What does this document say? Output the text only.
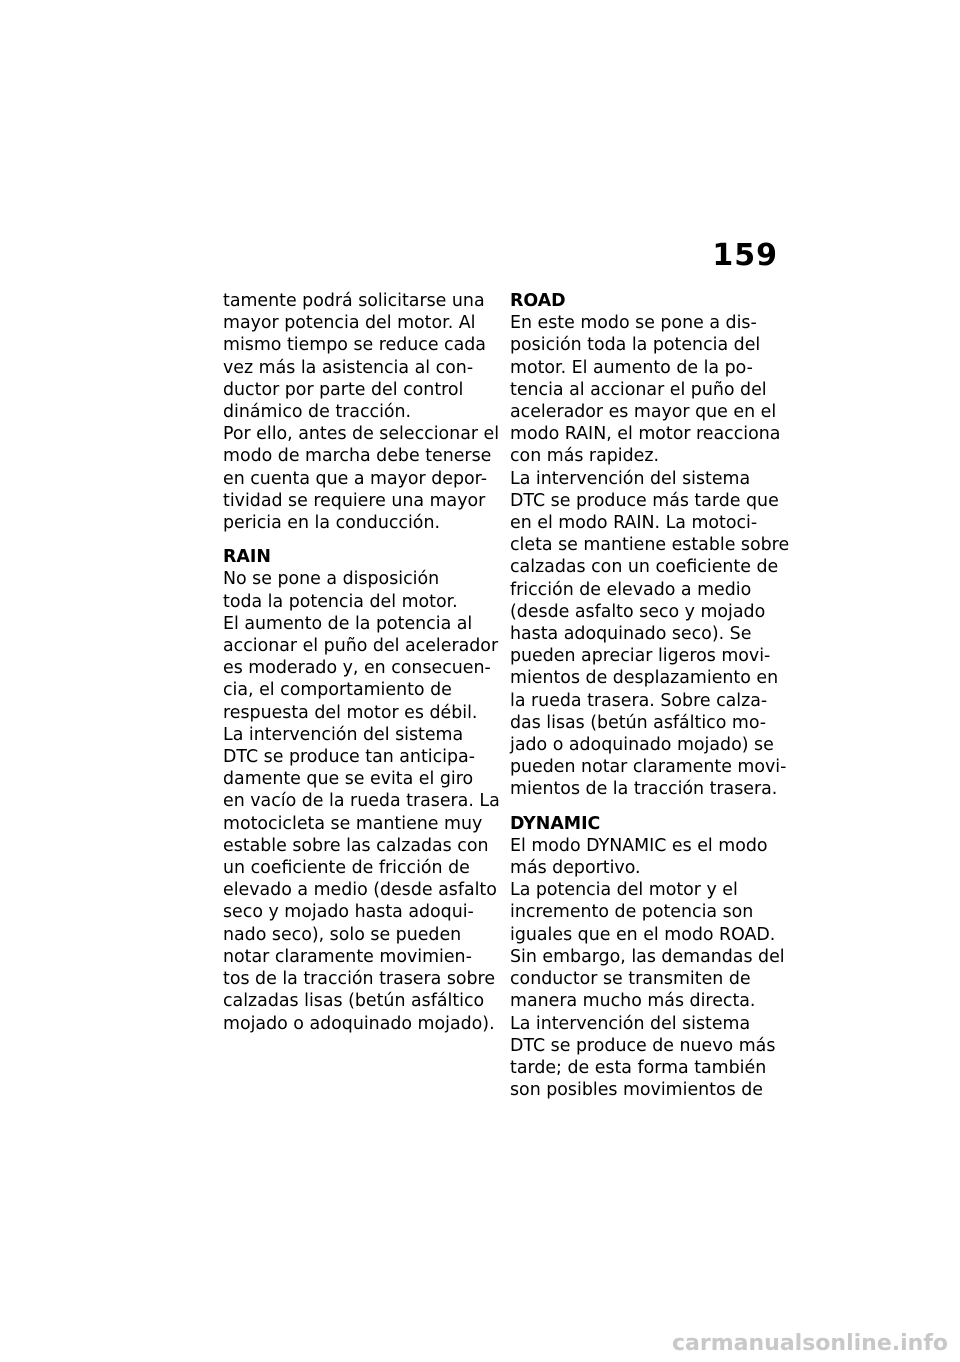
159
tamente podrá solicitarse una
mayor potencia del motor. Al
mismo tiempo se reduce cada
vez más la asistencia al con-
ductor por parte del control
dinámico de tracción.
Por ello, antes de seleccionar el
modo de marcha debe tenerse
en cuenta que a mayor depor-
tividad se requiere una mayor
pericia en la conducción.
RAIN
No se pone a disposición
toda la potencia del motor.
El aumento de la potencia al
accionar el puño del acelerador
es moderado y, en consecuen-
cia, el comportamiento de
respuesta del motor es débil.
La intervención del sistema
DTC se produce tan anticipa-
damente que se evita el giro
en vacío de la rueda trasera. La
motocicleta se mantiene muy
estable sobre las calzadas con
un coeficiente de fricción de
elevado a medio (desde asfalto
seco y mojado hasta adoqui-
nado seco), solo se pueden
notar claramente movimien-
tos de la tracción trasera sobre
calzadas lisas (betún asfáltico
mojado o adoquinado mojado).
ROAD
En este modo se pone a dis-
posición toda la potencia del
motor. El aumento de la po-
tencia al accionar el puño del
acelerador es mayor que en el
modo RAIN, el motor reacciona
con más rapidez.
La intervención del sistema
DTC se produce más tarde que
en el modo RAIN. La motoci-
cleta se mantiene estable sobre
calzadas con un coeficiente de
fricción de elevado a medio
(desde asfalto seco y mojado
hasta adoquinado seco). Se
pueden apreciar ligeros movi-
mientos de desplazamiento en
la rueda trasera. Sobre calza-
das lisas (betún asfáltico mo-
jado o adoquinado mojado) se
pueden notar claramente movi-
mientos de la tracción trasera.
DYNAMIC
El modo DYNAMIC es el modo
más deportivo.
La potencia del motor y el
incremento de potencia son
iguales que en el modo ROAD.
Sin embargo, las demandas del
conductor se transmiten de
manera mucho más directa.
La intervención del sistema
DTC se produce de nuevo más
tarde; de esta forma también
son posibles movimientos de
carmanualsonline.info
